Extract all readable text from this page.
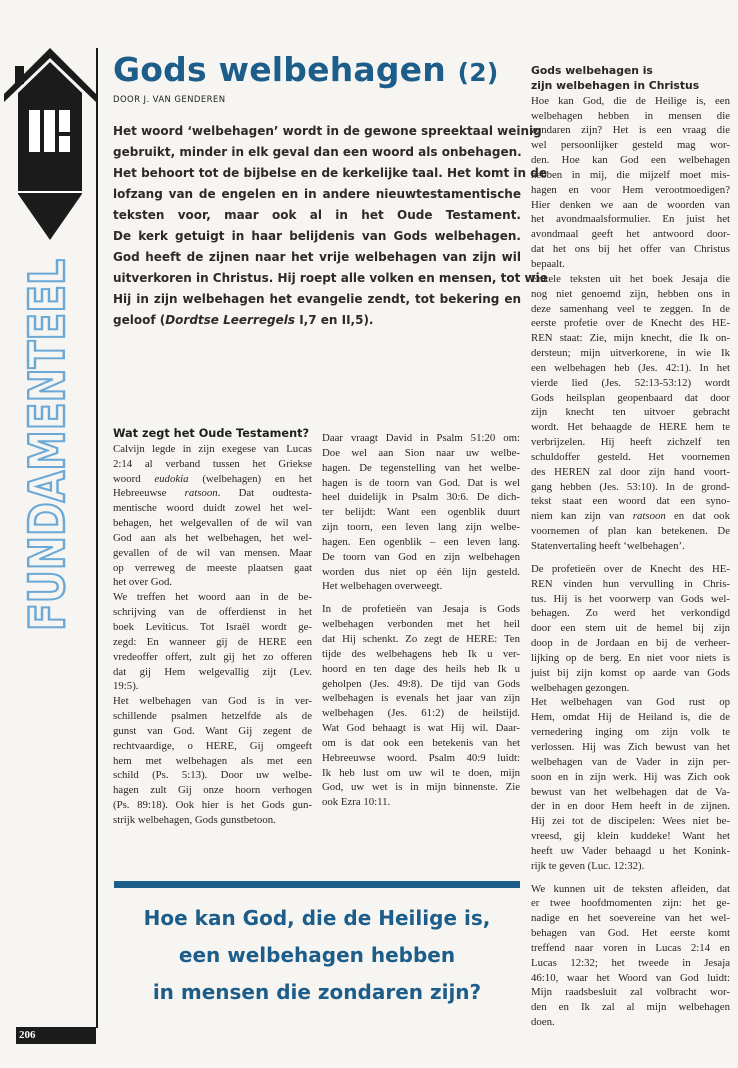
FUNDAMENTEEL
Gods welbehagen (2)
DOOR J. VAN GENDEREN
Het woord ‘welbehagen’ wordt in de gewone spreektaal weinig
gebruikt, minder in elk geval dan een woord als onbehagen.
Het behoort tot de bijbelse en de kerkelijke taal. Het komt in de
lofzang van de engelen en in andere nieuwtestamentische
teksten voor, maar ook al in het Oude Testament.
De kerk getuigt in haar belijdenis van Gods welbehagen.
God heeft de zijnen naar het vrije welbehagen van zijn wil
uitverkoren in Christus. Hij roept alle volken en mensen, tot wie
Hij in zijn welbehagen het evangelie zendt, tot bekering en
geloof (Dordtse Leerregels I,7 en II,5).
Wat zegt het Oude Testament?
Calvijn legde in zijn exegese van Lucas
2:14 al verband tussen het Griekse
woord eudokia (welbehagen) en het
Hebreeuwse ratsoon. Dat oudtesta-
mentische woord duidt zowel het wel-
behagen, het welgevallen of de wil van
God aan als het welbehagen, het wel-
gevallen of de wil van mensen. Maar
op verreweg de meeste plaatsen gaat
het over God.
We treffen het woord aan in de be-
schrijving van de offerdienst in het
boek Leviticus. Tot Israël wordt ge-
zegd: En wanneer gij de HERE een
vredeoffer offert, zult gij het zo offeren
dat gij Hem welgevallig zijt (Lev.
19:5).
Het welbehagen van God is in ver-
schillende psalmen hetzelfde als de
gunst van God. Want Gij zegent de
rechtvaardige, o HERE, Gij omgeeft
hem met welbehagen als met een
schild (Ps. 5:13). Door uw welbe-
hagen zult Gij onze hoorn verhogen
(Ps. 89:18). Ook hier is het Gods gun-
strijk welbehagen, Gods gunstbetoon.
Daar vraagt David in Psalm 51:20 om:
Doe wel aan Sion naar uw welbe-
hagen. De tegenstelling van het welbe-
hagen is de toorn van God. Dat is wel
heel duidelijk in Psalm 30:6. De dich-
ter belijdt: Want een ogenblik duurt
zijn toorn, een leven lang zijn welbe-
hagen. Een ogenblik – een leven lang.
De toorn van God en zijn welbehagen
worden dus niet op één lijn gesteld.
Het welbehagen overweegt.
In de profetieën van Jesaja is Gods
welbehagen verbonden met het heil
dat Hij schenkt. Zo zegt de HERE: Ten
tijde des welbehagens heb Ik u ver-
hoord en ten dage des heils heb Ik u
geholpen (Jes. 49:8). De tijd van Gods
welbehagen is evenals het jaar van zijn
welbehagen (Jes. 61:2) de heilstijd.
Wat God behaagt is wat Hij wil. Daar-
om is dat ook een betekenis van het
Hebreeuwse woord. Psalm 40:9 luidt:
Ik heb lust om uw wil te doen, mijn
God, uw wet is in mijn binnenste. Zie
ook Ezra 10:11.
Gods welbehagen is
zijn welbehagen in Christus
Hoe kan God, die de Heilige is, een
welbehagen hebben in mensen die
zondaren zijn? Het is een vraag die
wel persoonlijker gesteld mag wor-
den. Hoe kan God een welbehagen
hebben in mij, die mijzelf moet mis-
hagen en voor Hem verootmoedigen?
Hier denken we aan de woorden van
het avondmaalsformulier. En juist het
avondmaal geeft het antwoord door-
dat het ons bij het offer van Christus
bepaalt.
Enkele teksten uit het boek Jesaja die
nog niet genoemd zijn, hebben ons in
deze samenhang veel te zeggen. In de
eerste profetie over de Knecht des HE-
REN staat: Zie, mijn knecht, die Ik on-
dersteun; mijn uitverkorene, in wie Ik
een welbehagen heb (Jes. 42:1). In het
vierde lied (Jes. 52:13-53:12) wordt
Gods heilsplan geopenbaard dat door
zijn knecht ten uitvoer gebracht
wordt. Het behaagde de HERE hem te
verbrijzelen. Hij heeft zichzelf ten
schuldoffer gesteld. Het voornemen
des HEREN zal door zijn hand voort-
gang hebben (Jes. 53:10). In de grond-
tekst staat een woord dat een syno-
niem kan zijn van ratsoon en dat ook
voornemen of plan kan betekenen. De
Statenvertaling heeft ‘welbehagen’.
De profetieën over de Knecht des HE-
REN vinden hun vervulling in Chris-
tus. Hij is het voorwerp van Gods wel-
behagen. Zo werd het verkondigd
door een stem uit de hemel bij zijn
doop in de Jordaan en bij de verheer-
lijking op de berg. En niet voor niets is
juist bij zijn komst op aarde van Gods
welbehagen gezongen.
Het welbehagen van God rust op
Hem, omdat Hij de Heiland is, die de
vernedering inging om zijn volk te
verlossen. Hij was Zich bewust van het
welbehagen van de Vader in zijn per-
soon en in zijn werk. Hij was Zich ook
bewust van het welbehagen dat de Va-
der in en door Hem heeft in de zijnen.
Hij zei tot de discipelen: Wees niet be-
vreesd, gij klein kuddeke! Want het
heeft uw Vader behaagd u het Konink-
rijk te geven (Luc. 12:32).
We kunnen uit de teksten afleiden, dat
er twee hoofdmomenten zijn: het ge-
nadige en het soevereine van het wel-
behagen van God. Het eerste komt
treffend naar voren in Lucas 2:14 en
Lucas 12:32; het tweede in Jesaja
46:10, waar het Woord van God luidt:
Mijn raadsbesluit zal volbracht wor-
den en Ik zal al mijn welbehagen
doen.
Hoe kan God, die de Heilige is,
een welbehagen hebben
in mensen die zondaren zijn?
206
